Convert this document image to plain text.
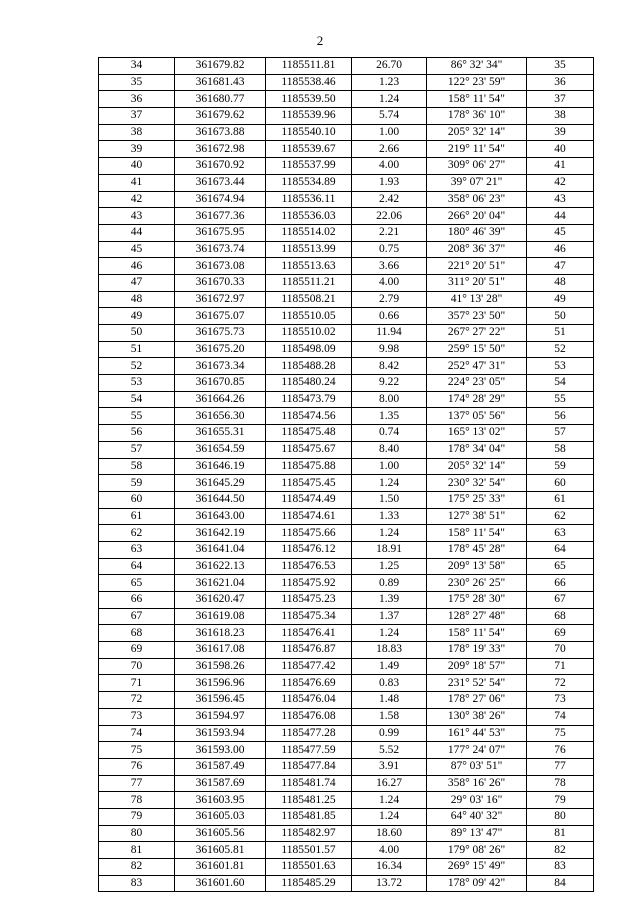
2
34	361679.82	1185511.81	26.70	86° 32' 34"	35
35	361681.43	1185538.46	1.23	122° 23' 59"	36
36	361680.77	1185539.50	1.24	158° 11' 54"	37
37	361679.62	1185539.96	5.74	178° 36' 10"	38
38	361673.88	1185540.10	1.00	205° 32' 14"	39
39	361672.98	1185539.67	2.66	219° 11' 54"	40
40	361670.92	1185537.99	4.00	309° 06' 27"	41
41	361673.44	1185534.89	1.93	39° 07' 21"	42
42	361674.94	1185536.11	2.42	358° 06' 23"	43
43	361677.36	1185536.03	22.06	266° 20' 04"	44
44	361675.95	1185514.02	2.21	180° 46' 39"	45
45	361673.74	1185513.99	0.75	208° 36' 37"	46
46	361673.08	1185513.63	3.66	221° 20' 51"	47
47	361670.33	1185511.21	4.00	311° 20' 51"	48
48	361672.97	1185508.21	2.79	41° 13' 28"	49
49	361675.07	1185510.05	0.66	357° 23' 50"	50
50	361675.73	1185510.02	11.94	267° 27' 22"	51
51	361675.20	1185498.09	9.98	259° 15' 50"	52
52	361673.34	1185488.28	8.42	252° 47' 31"	53
53	361670.85	1185480.24	9.22	224° 23' 05"	54
54	361664.26	1185473.79	8.00	174° 28' 29"	55
55	361656.30	1185474.56	1.35	137° 05' 56"	56
56	361655.31	1185475.48	0.74	165° 13' 02"	57
57	361654.59	1185475.67	8.40	178° 34' 04"	58
58	361646.19	1185475.88	1.00	205° 32' 14"	59
59	361645.29	1185475.45	1.24	230° 32' 54"	60
60	361644.50	1185474.49	1.50	175° 25' 33"	61
61	361643.00	1185474.61	1.33	127° 38' 51"	62
62	361642.19	1185475.66	1.24	158° 11' 54"	63
63	361641.04	1185476.12	18.91	178° 45' 28"	64
64	361622.13	1185476.53	1.25	209° 13' 58"	65
65	361621.04	1185475.92	0.89	230° 26' 25"	66
66	361620.47	1185475.23	1.39	175° 28' 30"	67
67	361619.08	1185475.34	1.37	128° 27' 48"	68
68	361618.23	1185476.41	1.24	158° 11' 54"	69
69	361617.08	1185476.87	18.83	178° 19' 33"	70
70	361598.26	1185477.42	1.49	209° 18' 57"	71
71	361596.96	1185476.69	0.83	231° 52' 54"	72
72	361596.45	1185476.04	1.48	178° 27' 06"	73
73	361594.97	1185476.08	1.58	130° 38' 26"	74
74	361593.94	1185477.28	0.99	161° 44' 53"	75
75	361593.00	1185477.59	5.52	177° 24' 07"	76
76	361587.49	1185477.84	3.91	87° 03' 51"	77
77	361587.69	1185481.74	16.27	358° 16' 26"	78
78	361603.95	1185481.25	1.24	29° 03' 16"	79
79	361605.03	1185481.85	1.24	64° 40' 32"	80
80	361605.56	1185482.97	18.60	89° 13' 47"	81
81	361605.81	1185501.57	4.00	179° 08' 26"	82
82	361601.81	1185501.63	16.34	269° 15' 49"	83
83	361601.60	1185485.29	13.72	178° 09' 42"	84
